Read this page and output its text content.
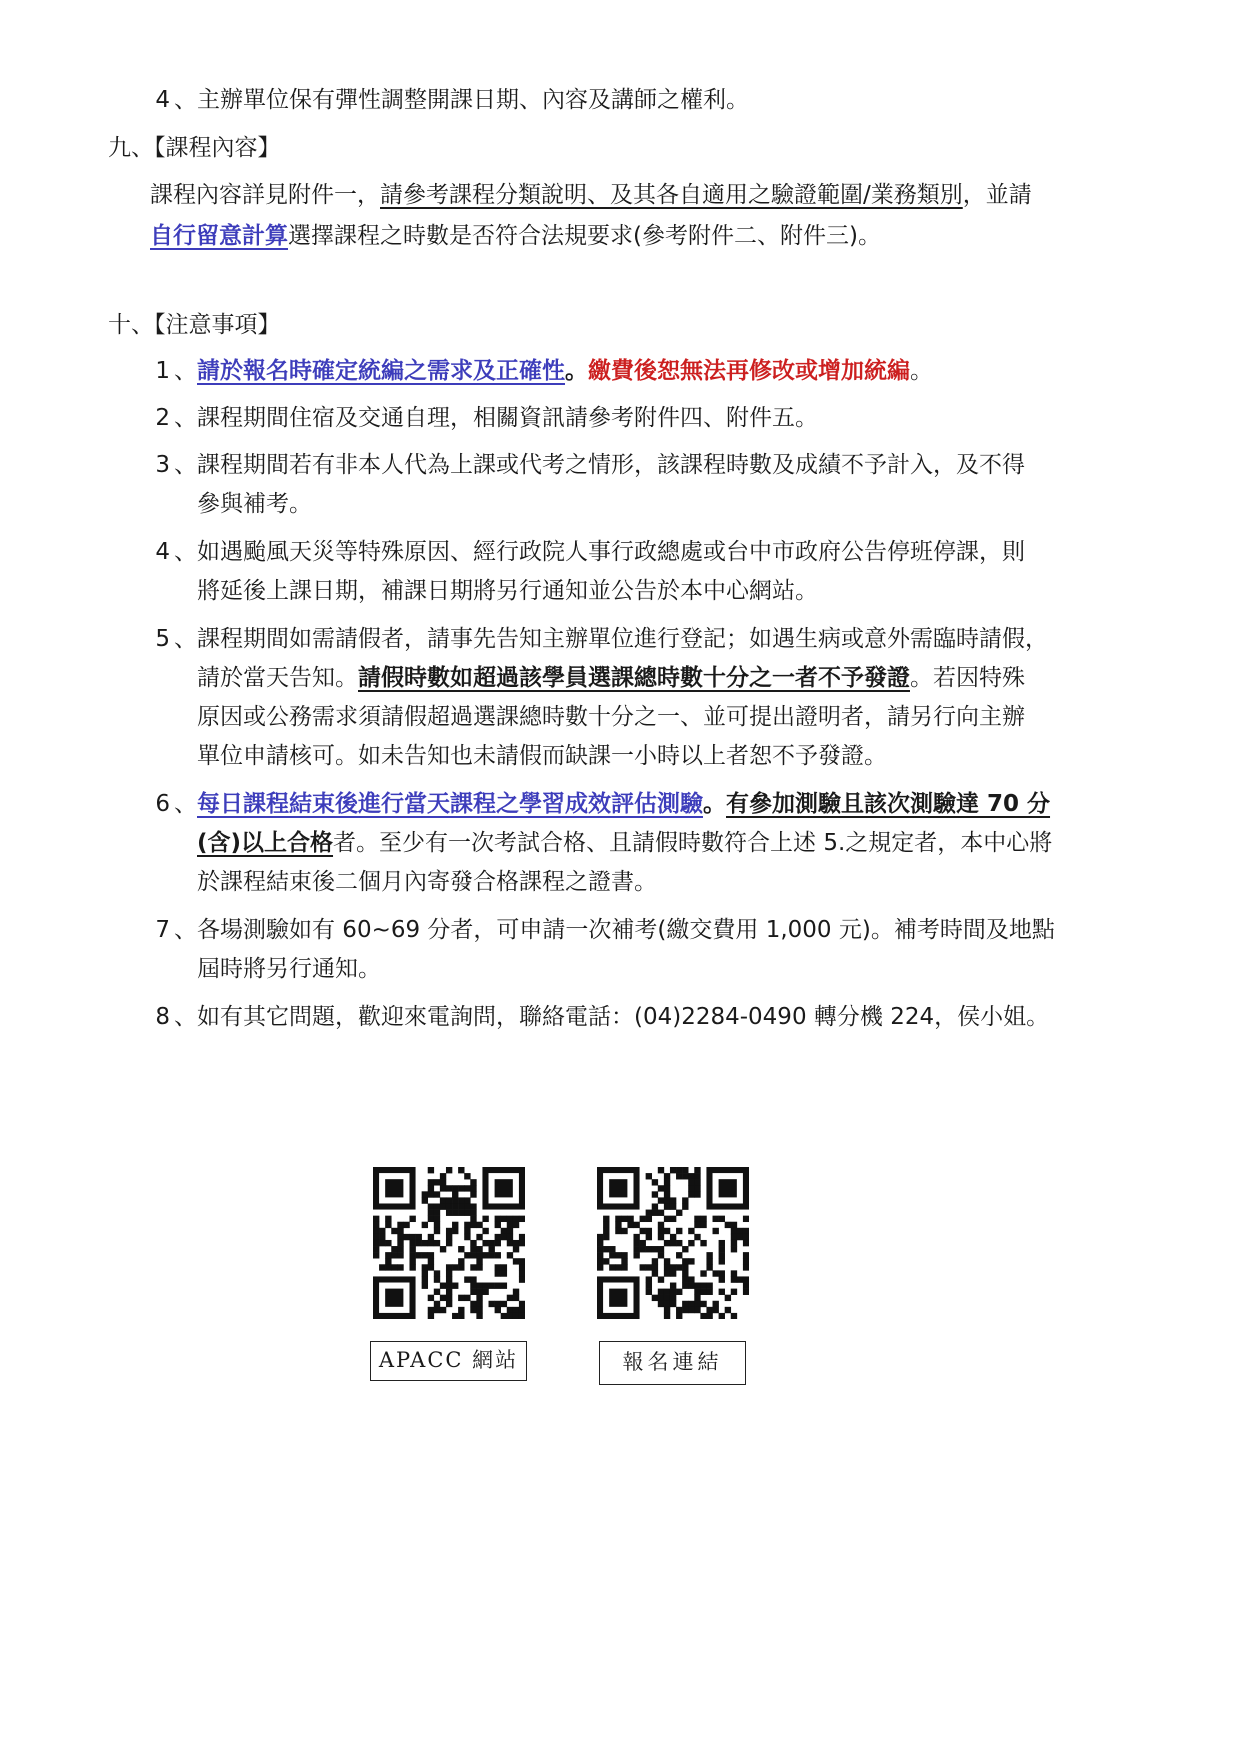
4 、 主辦單位保有彈性調整開課日期、內容及講師之權利。
九、【課程內容】
課程內容詳見附件一，請參考課程分類說明、及其各自適用之驗證範圍/業務類別，並請
自行留意計算選擇課程之時數是否符合法規要求(參考附件二、附件三)。
十、【注意事項】
1 、 請於報名時確定統編之需求及正確性。繳費後恕無法再修改或增加統編。
2 、 課程期間住宿及交通自理，相關資訊請參考附件四、附件五。
3 、 課程期間若有非本人代為上課或代考之情形，該課程時數及成績不予計入，及不得
參與補考。
4 、 如遇颱風天災等特殊原因、經行政院人事行政總處或台中市政府公告停班停課，則
將延後上課日期，補課日期將另行通知並公告於本中心網站。
5 、 課程期間如需請假者，請事先告知主辦單位進行登記；如遇生病或意外需臨時請假，
請於當天告知。請假時數如超過該學員選課總時數十分之一者不予發證。若因特殊
原因或公務需求須請假超過選課總時數十分之一、並可提出證明者，請另行向主辦
單位申請核可。如未告知也未請假而缺課一小時以上者恕不予發證。
6 、 每日課程結束後進行當天課程之學習成效評估測驗。有參加測驗且該次測驗達 70 分
(含)以上合格者。至少有一次考試合格、且請假時數符合上述 5.之規定者，本中心將
於課程結束後二個月內寄發合格課程之證書。
7 、 各場測驗如有 60~69 分者，可申請一次補考(繳交費用 1,000 元)。補考時間及地點
屆時將另行通知。
8 、 如有其它問題，歡迎來電詢問，聯絡電話：(04)2284-0490 轉分機 224，侯小姐。
APACC 網站	報名連結
